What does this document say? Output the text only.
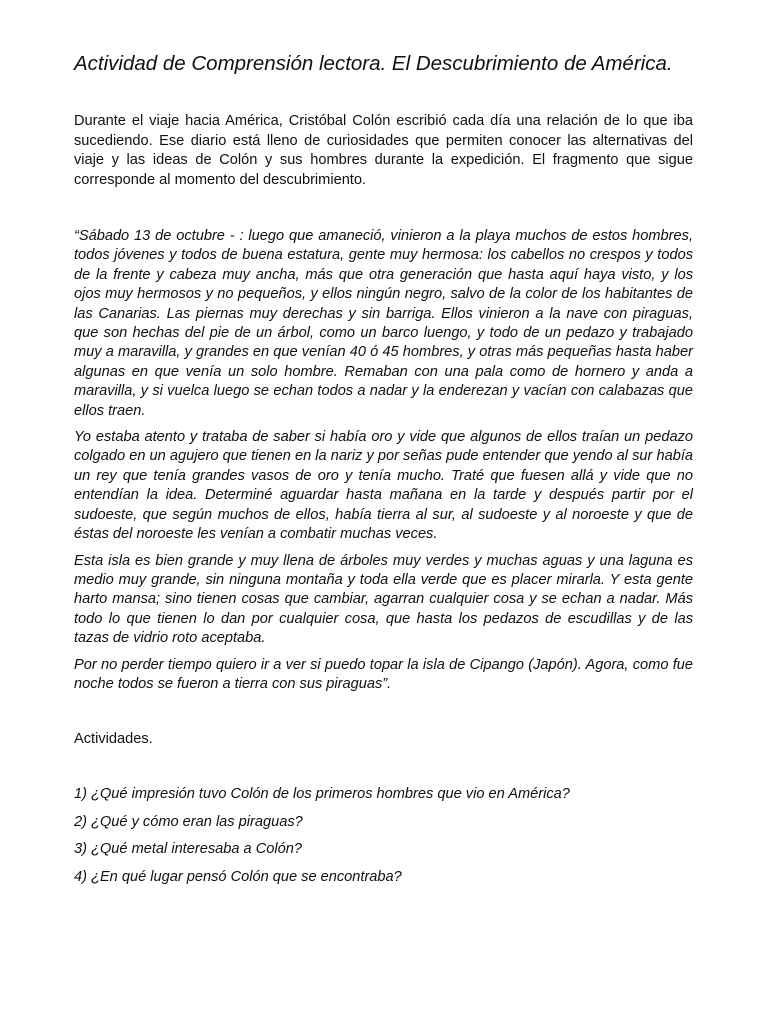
Actividad de Comprensión lectora. El Descubrimiento de América.

Durante el viaje hacia América, Cristóbal Colón escribió cada día una relación de lo que iba sucediendo. Ese diario está lleno de curiosidades que permiten conocer las alternativas del viaje y las ideas de Colón y sus hombres durante la expedición. El fragmento que sigue corresponde al momento del descubrimiento.

“Sábado 13 de octubre - : luego que amaneció, vinieron a la playa muchos de estos hombres, todos jóvenes y todos de buena estatura, gente muy hermosa: los cabellos no crespos y todos de la frente y cabeza muy ancha, más que otra generación que hasta aquí haya visto, y los ojos muy hermosos y no pequeños, y ellos ningún negro, salvo de la color de los habitantes de las Canarias. Las piernas muy derechas y sin barriga. Ellos vinieron a la nave con piraguas, que son hechas del pie de un árbol, como un barco luengo, y todo de un pedazo y trabajado muy a maravilla, y grandes en que venían 40 ó 45 hombres, y otras más pequeñas hasta haber algunas en que venía un solo hombre. Remaban con una pala como de hornero y anda a maravilla, y si vuelca luego se echan todos a nadar y la enderezan y vacían con calabazas que ellos traen.

Yo estaba atento y trataba de saber si había oro y vide que algunos de ellos traían un pedazo colgado en un agujero que tienen en la nariz y por señas pude entender que yendo al sur había un rey que tenía grandes vasos de oro y tenía mucho. Traté que fuesen allá y vide que no entendían la idea. Determiné aguardar hasta mañana en la tarde y después partir por el sudoeste, que según muchos de ellos, había tierra al sur, al sudoeste y al noroeste y que de éstas del noroeste les venían a combatir muchas veces.

Esta isla es bien grande y muy llena de árboles muy verdes y muchas aguas y una laguna es medio muy grande, sin ninguna montaña y toda ella verde que es placer mirarla. Y esta gente harto mansa; sino tienen cosas que cambiar, agarran cualquier cosa y se echan a nadar. Más todo lo que tienen lo dan por cualquier cosa, que hasta los pedazos de escudillas y de las tazas de vidrio roto aceptaba.

Por no perder tiempo quiero ir a ver si puedo topar la isla de Cipango (Japón). Agora, como fue noche todos se fueron a tierra con sus piraguas”.

Actividades.

1) ¿Qué impresión tuvo Colón de los primeros hombres que vio en América?
2) ¿Qué y cómo eran las piraguas?
3) ¿Qué metal interesaba a Colón?
4) ¿En qué lugar pensó Colón que se encontraba?
